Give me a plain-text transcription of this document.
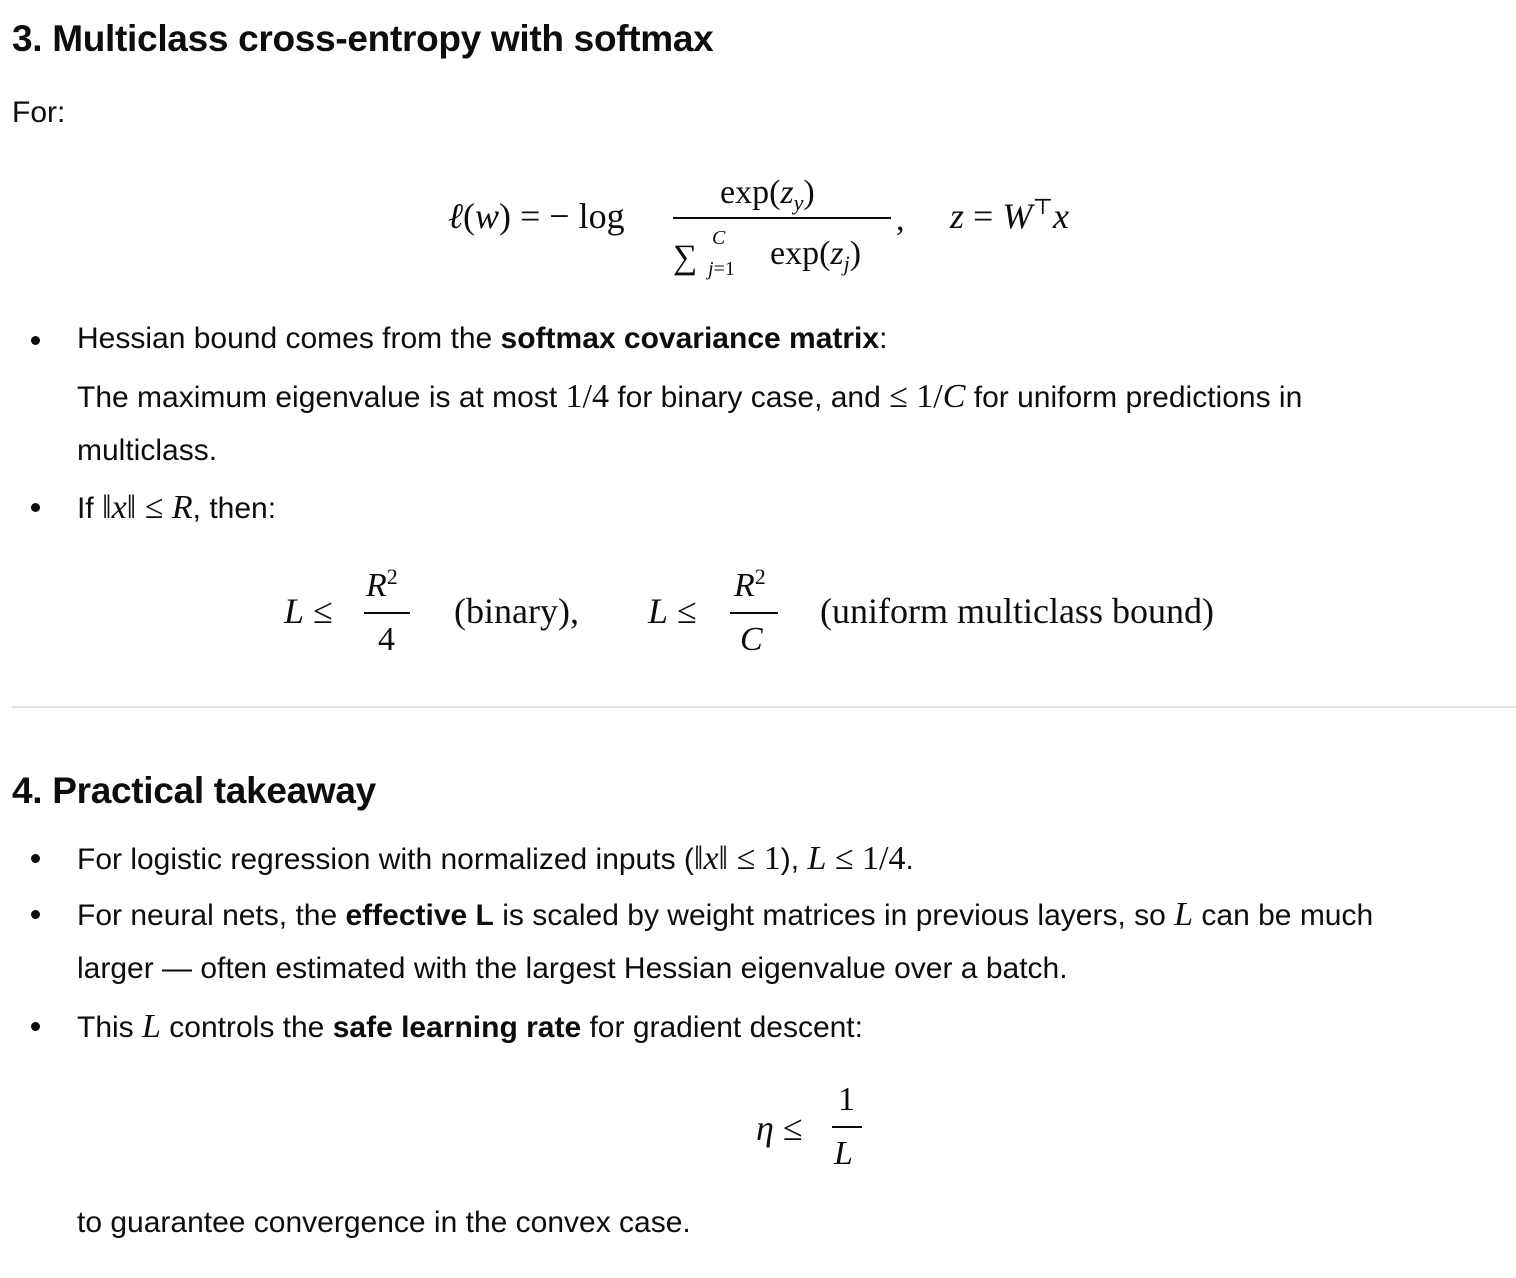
3. Multiclass cross-entropy with softmax
For:
ℓ(w) = − log
$\exp(z_y)$
∑
C
j=1 $\exp(z_j)$
, z = W⊤x
Hessian bound comes from the softmax covariance matrix:
The maximum eigenvalue is at most 1/4 for binary case, and ≤ 1/C for uniform predictions in
multiclass.
If ‖x‖ ≤ R, then:
L ≤
$R^2$
4
(binary), L ≤
$R^2$
C
(uniform multiclass bound)
4. Practical takeaway
For logistic regression with normalized inputs (‖x‖ ≤ 1), L ≤ 1/4.
For neural nets, the effective L is scaled by weight matrices in previous layers, so L can be much
larger — often estimated with the largest Hessian eigenvalue over a batch.
This L controls the safe learning rate for gradient descent:
η ≤
1
L
to guarantee convergence in the convex case.
